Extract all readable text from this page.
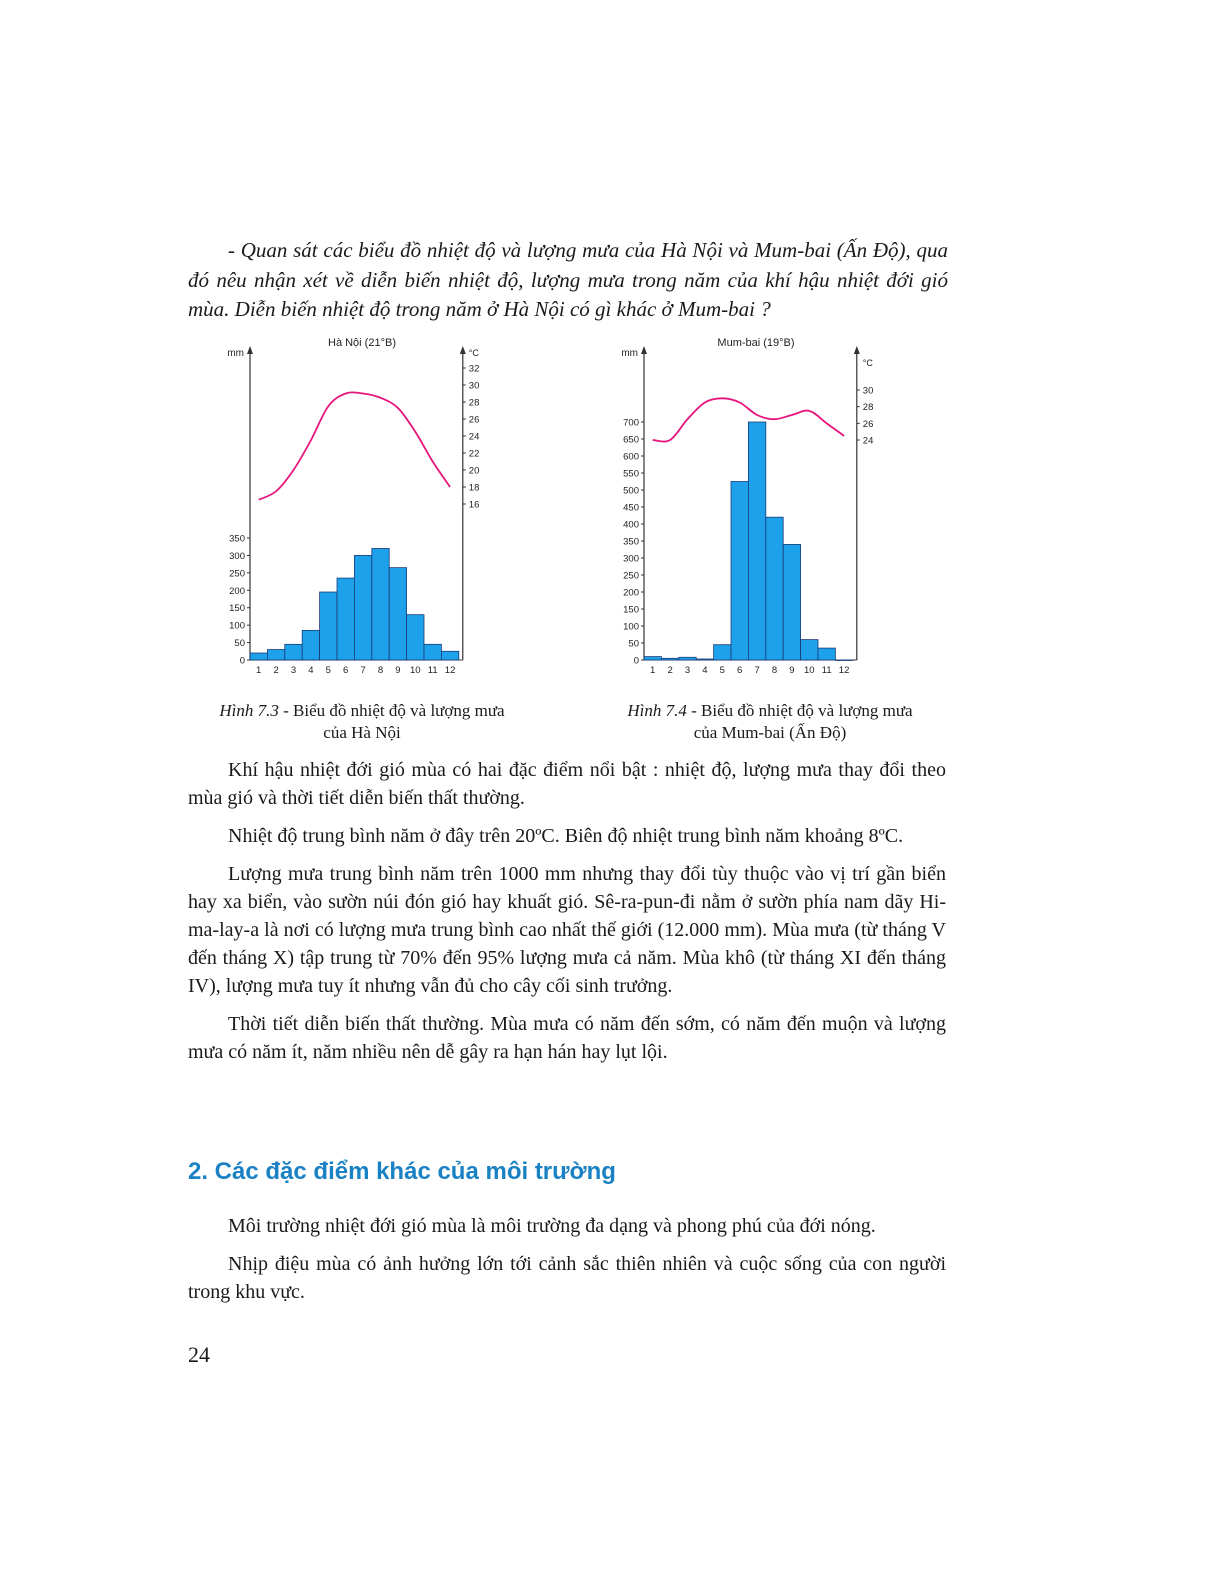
- Quan sát các biểu đồ nhiệt độ và lượng mưa của Hà Nội và Mum-bai (Ấn Độ), qua đó nêu nhận xét về diễn biến nhiệt độ, lượng mưa trong năm của khí hậu nhiệt đới gió mùa. Diễn biến nhiệt độ trong năm ở Hà Nội có gì khác ở Mum-bai ?

Hà Nội (21°B)
mm	°C
0
50
100
150
200
250
300
350
16
18
20
22
24
26
28
30
32
1 2 3 4 5 6 7 8 9 10 11 12
Mum-bai (19°B)
mm
°C
0
50
100
150
200
250
300
350
400
450
500
550
600
650
700
24
26
28
30
1 2 3 4 5 6 7 8 9 10 11 12
Hình 7.3 - Biểu đồ nhiệt độ và lượng mưa
của Hà Nội
Hình 7.4 - Biểu đồ nhiệt độ và lượng mưa
của Mum-bai (Ấn Độ)

Khí hậu nhiệt đới gió mùa có hai đặc điểm nổi bật : nhiệt độ, lượng mưa thay đổi theo mùa gió và thời tiết diễn biến thất thường.

Nhiệt độ trung bình năm ở đây trên 20ºC. Biên độ nhiệt trung bình năm khoảng 8ºC.

Lượng mưa trung bình năm trên 1000 mm nhưng thay đổi tùy thuộc vào vị trí gần biển hay xa biển, vào sườn núi đón gió hay khuất gió. Sê-ra-pun-đi nằm ở sườn phía nam dãy Hi-ma-lay-a là nơi có lượng mưa trung bình cao nhất thế giới (12.000 mm). Mùa mưa (từ tháng V đến tháng X) tập trung từ 70% đến 95% lượng mưa cả năm. Mùa khô (từ tháng XI đến tháng IV), lượng mưa tuy ít nhưng vẫn đủ cho cây cối sinh trưởng.

Thời tiết diễn biến thất thường. Mùa mưa có năm đến sớm, có năm đến muộn và lượng mưa có năm ít, năm nhiều nên dễ gây ra hạn hán hay lụt lội.

2. Các đặc điểm khác của môi trường

Môi trường nhiệt đới gió mùa là môi trường đa dạng và phong phú của đới nóng.

Nhịp điệu mùa có ảnh hưởng lớn tới cảnh sắc thiên nhiên và cuộc sống của con người trong khu vực.

24
